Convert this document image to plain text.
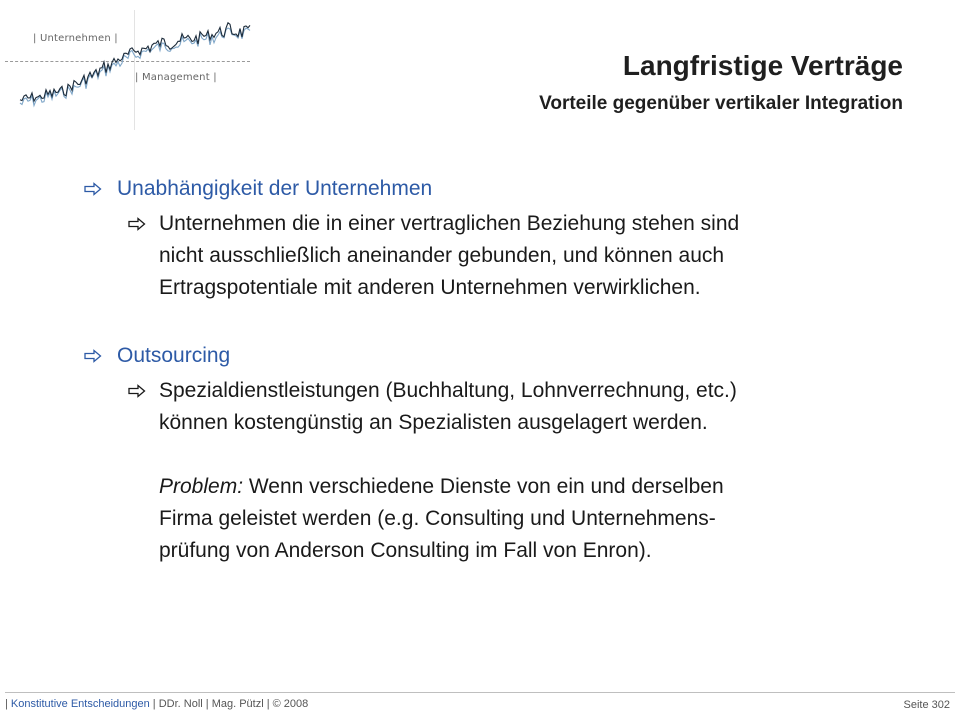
| Unternehmen |
| Management |	Langfristige Verträge
Vorteile gegenüber vertikaler Integration
Unabhängigkeit der Unternehmen
Unternehmen die in einer vertraglichen Beziehung stehen sind
nicht ausschließlich aneinander gebunden, und können auch
Ertragspotentiale mit anderen Unternehmen verwirklichen.
Outsourcing
Spezialdienstleistungen (Buchhaltung, Lohnverrechnung, etc.)
können kostengünstig an Spezialisten ausgelagert werden.
Problem: Wenn verschiedene Dienste von ein und derselben
Firma geleistet werden (e.g. Consulting und Unternehmens-
prüfung von Anderson Consulting im Fall von Enron).
| Konstitutive Entscheidungen | DDr. Noll | Mag. Pützl | © 2008	Seite 302
